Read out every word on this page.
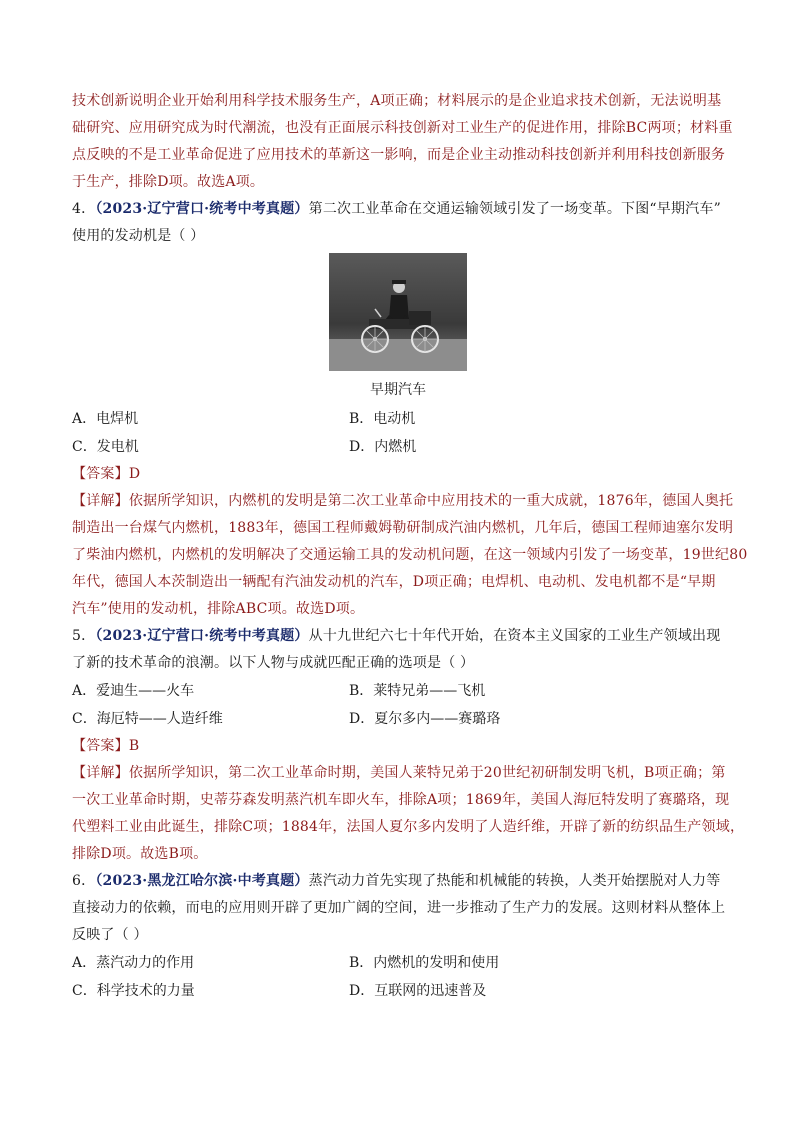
技术创新说明企业开始利用科学技术服务生产，A项正确；材料展示的是企业追求技术创新，无法说明基
础研究、应用研究成为时代潮流，也没有正面展示科技创新对工业生产的促进作用，排除BC两项；材料重
点反映的不是工业革命促进了应用技术的革新这一影响，而是企业主动推动科技创新并利用科技创新服务
于生产，排除D项。故选A项。
4．（2023·辽宁营口·统考中考真题）第二次工业革命在交通运输领域引发了一场变革。下图“早期汽车”
使用的发动机是（ ）
早期汽车
A．电焊机	B．电动机
C．发电机	D．内燃机
【答案】D
【详解】依据所学知识，内燃机的发明是第二次工业革命中应用技术的一重大成就，1876年，德国人奥托
制造出一台煤气内燃机，1883年，德国工程师戴姆勒研制成汽油内燃机，几年后，德国工程师迪塞尔发明
了柴油内燃机，内燃机的发明解决了交通运输工具的发动机问题，在这一领域内引发了一场变革，19世纪80
年代，德国人本茨制造出一辆配有汽油发动机的汽车，D项正确；电焊机、电动机、发电机都不是“早期
汽车”使用的发动机，排除ABC项。故选D项。
5．（2023·辽宁营口·统考中考真题）从十九世纪六七十年代开始，在资本主义国家的工业生产领域出现
了新的技术革命的浪潮。以下人物与成就匹配正确的选项是（ ）
A．爱迪生——火车	B．莱特兄弟——飞机
C．海厄特——人造纤维	D．夏尔多内——赛璐珞
【答案】B
【详解】依据所学知识，第二次工业革命时期，美国人莱特兄弟于20世纪初研制发明飞机，B项正确；第
一次工业革命时期，史蒂芬森发明蒸汽机车即火车，排除A项；1869年，美国人海厄特发明了赛璐珞，现
代塑料工业由此诞生，排除C项；1884年，法国人夏尔多内发明了人造纤维，开辟了新的纺织品生产领域，
排除D项。故选B项。
6．（2023·黑龙江哈尔滨·中考真题）蒸汽动力首先实现了热能和机械能的转换，人类开始摆脱对人力等
直接动力的依赖，而电的应用则开辟了更加广阔的空间，进一步推动了生产力的发展。这则材料从整体上
反映了（ ）
A．蒸汽动力的作用	B．内燃机的发明和使用
C．科学技术的力量	D．互联网的迅速普及
